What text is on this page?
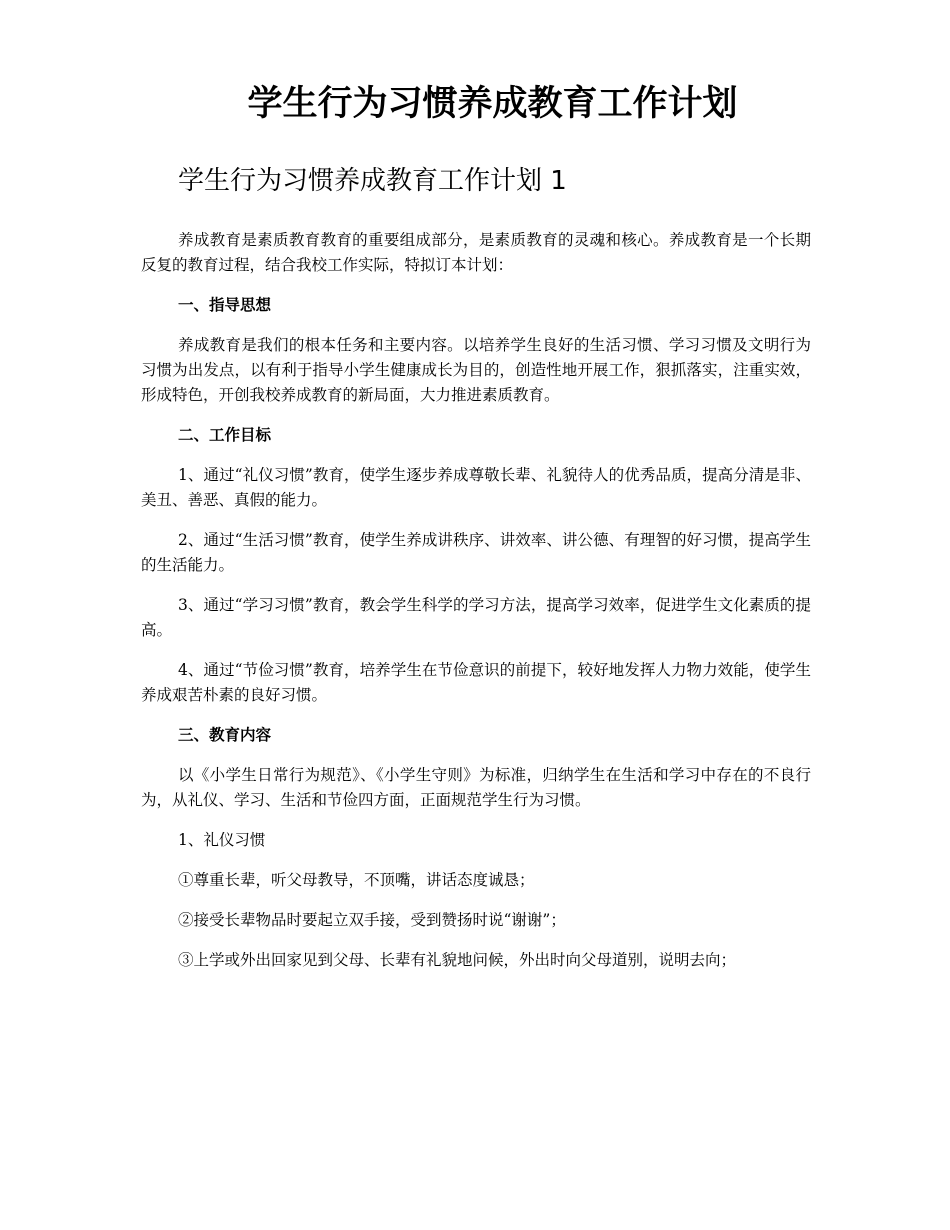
学生行为习惯养成教育工作计划
学生行为习惯养成教育工作计划 1
养成教育是素质教育教育的重要组成部分，是素质教育的灵魂和核心。养成教育是一个长期反复的教育过程，结合我校工作实际，特拟订本计划：
一、指导思想
养成教育是我们的根本任务和主要内容。以培养学生良好的生活习惯、学习习惯及文明行为习惯为出发点，以有利于指导小学生健康成长为目的，创造性地开展工作，狠抓落实，注重实效，形成特色，开创我校养成教育的新局面，大力推进素质教育。
二、工作目标
1、通过“礼仪习惯”教育，使学生逐步养成尊敬长辈、礼貌待人的优秀品质，提高分清是非、美丑、善恶、真假的能力。
2、通过“生活习惯”教育，使学生养成讲秩序、讲效率、讲公德、有理智的好习惯，提高学生的生活能力。
3、通过“学习习惯”教育，教会学生科学的学习方法，提高学习效率，促进学生文化素质的提高。
4、通过“节俭习惯”教育，培养学生在节俭意识的前提下，较好地发挥人力物力效能，使学生养成艰苦朴素的良好习惯。
三、教育内容
以《小学生日常行为规范》、《小学生守则》为标准，归纳学生在生活和学习中存在的不良行为，从礼仪、学习、生活和节俭四方面，正面规范学生行为习惯。
1、礼仪习惯
①尊重长辈，听父母教导，不顶嘴，讲话态度诚恳；
②接受长辈物品时要起立双手接，受到赞扬时说“谢谢”；
③上学或外出回家见到父母、长辈有礼貌地问候，外出时向父母道别，说明去向；
